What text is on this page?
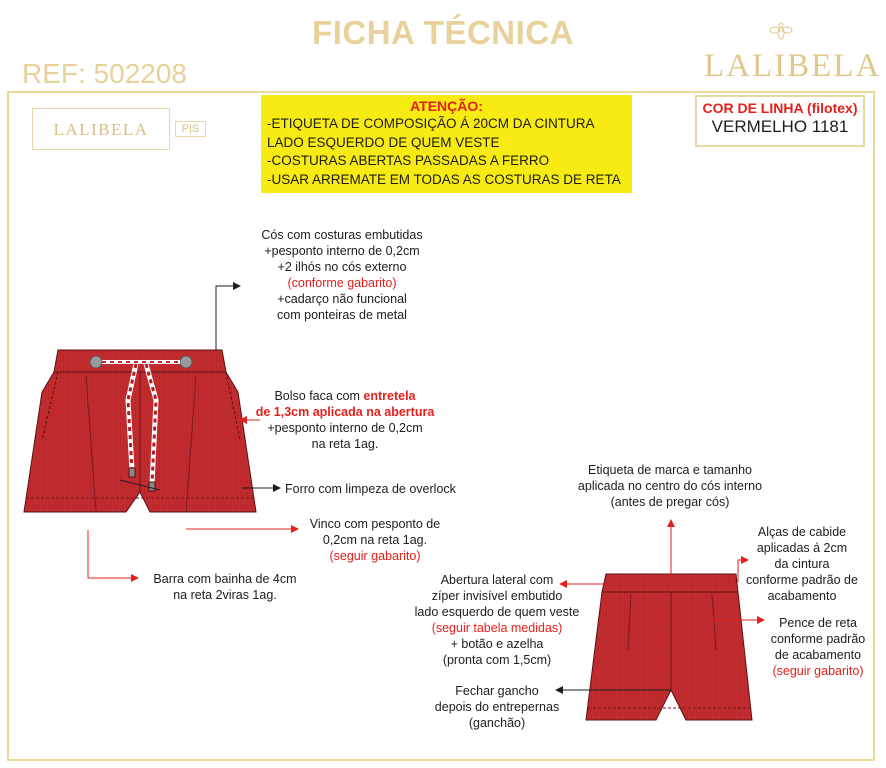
FICHA TÉCNICA
REF: 502208	LALIBELA
LALIBELA	P|S
ATENÇÃO:
-ETIQUETA DE COMPOSIÇÃO Á 20CM DA CINTURA
LADO ESQUERDO DE QUEM VESTE
-COSTURAS ABERTAS PASSADAS A FERRO
-USAR ARREMATE EM TODAS AS COSTURAS DE RETA
COR DE LINHA (filotex)
VERMELHO 1181
Cós com costuras embutidas
+pesponto interno de 0,2cm
+2 ilhós no cós externo
(conforme gabarito)
+cadarço não funcional
com ponteiras de metal
Bolso faca com entretela
de 1,3cm aplicada na abertura
+pesponto interno de 0,2cm
na reta 1ag.
Forro com limpeza de overlock
Vinco com pesponto de
0,2cm na reta 1ag.
(seguir gabarito)
Barra com bainha de 4cm
na reta 2viras 1ag.
Etiqueta de marca e tamanho
aplicada no centro do cós interno
(antes de pregar cós)
Alças de cabide
aplicadas á 2cm
da cintura
conforme padrão de
acabamento
Abertura lateral com
zíper invisível embutido
lado esquerdo de quem veste
(seguir tabela medidas)
+ botão e azelha
(pronta com 1,5cm)
Pence de reta
conforme padrão
de acabamento
(seguir gabarito)
Fechar gancho
depois do entrepernas
(ganchão)
